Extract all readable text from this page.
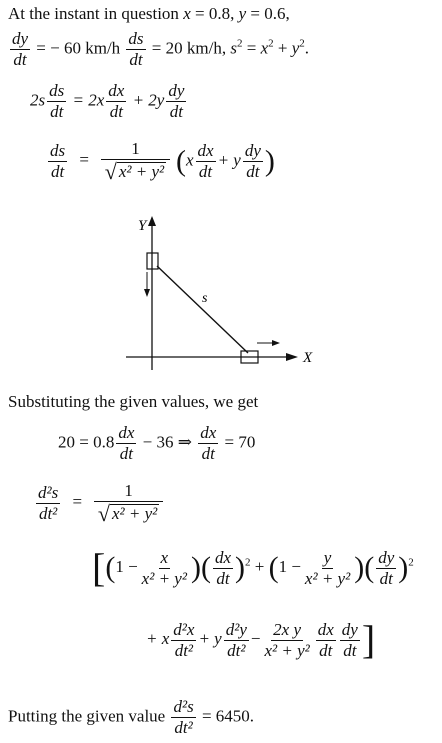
At the instant in question x = 0.8, y = 0.6,
$\frac{dy}{dt}$ = − 60 $km/h \frac{ds}{dt} = 20$ km/h, $s^2 = x^2 + y^2$.
$2s \frac{ds}{dt} = 2x \frac{dx}{dt} + 2y \frac{dy}{dt}$
$\frac{ds}{dt} = \frac{1}{\text{√ x² + y²}} (x \frac{dx}{dt} + y \frac{dy}{dt}$ )
Y
X
s
Substituting the given values, we get
$20 = 0.8 \frac{dx}{dt} - 36$ ⇒ $\frac{dx}{dt} = 70$
$\frac{\text{d²s}}{\text{dt²}} = \frac{1}{\text{√ x² + y²}}$
[($1 - \frac{x}{\text{x² + y²}}$ )( $\frac{dx}{dt} )^2 + (1 - \frac{y}{\text{x² + y²}}$ )( $\frac{dy}{dt} )^2$
+ x $\frac{\text{d²x}}{\text{dt²}} + y \frac{\text{d²y}}{\text{dt²}} - \frac{\text{2x y}}{\text{x² + y²}} \frac{dx}{dt} \frac{dy}{dt}$ ]
Putting the given value $\frac{\text{d²s}}{\text{dt²}} = 6450$.
